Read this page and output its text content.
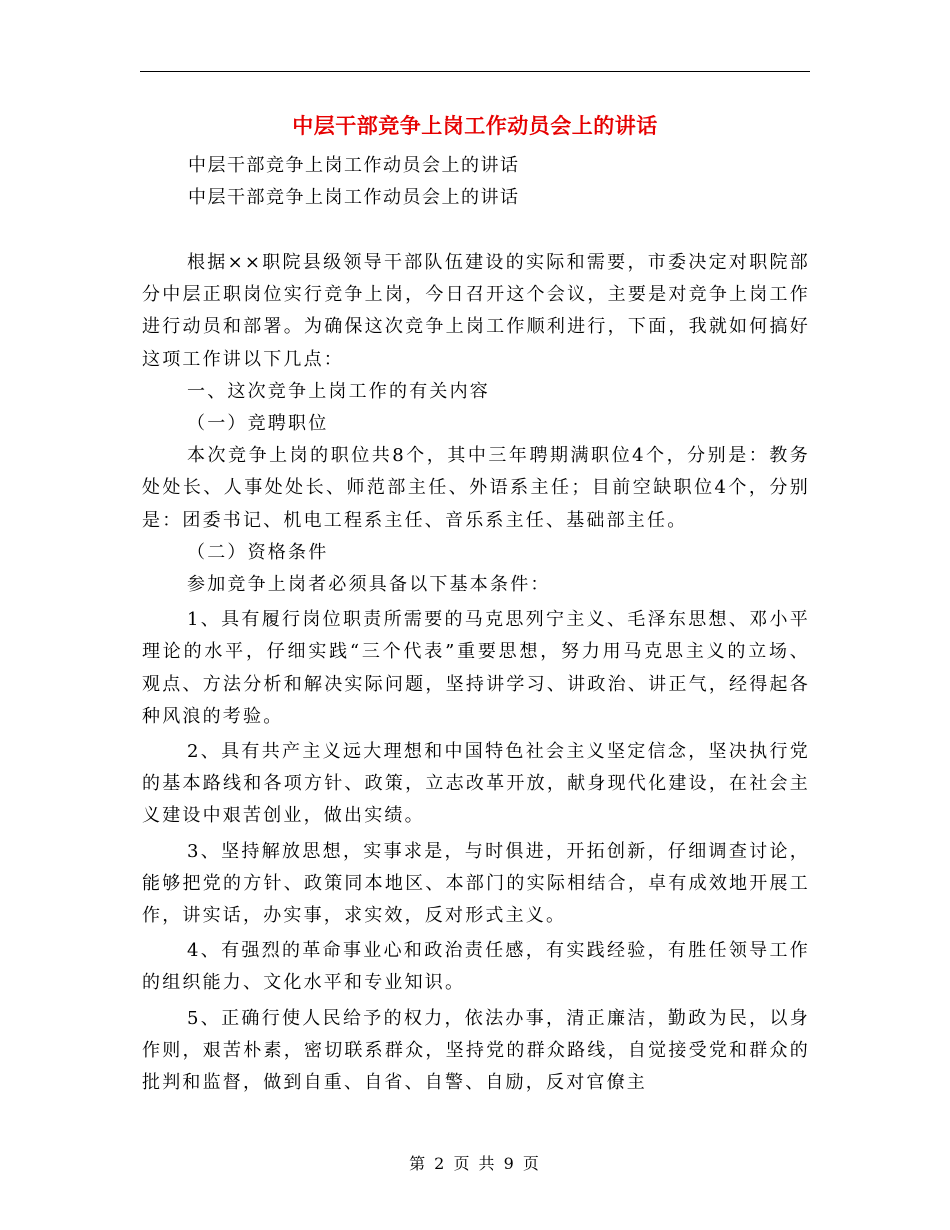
中层干部竞争上岗工作动员会上的讲话
中层干部竞争上岗工作动员会上的讲话
中层干部竞争上岗工作动员会上的讲话

根据××职院县级领导干部队伍建设的实际和需要，市委决定对职院部分中层正职岗位实行竞争上岗，今日召开这个会议，主要是对竞争上岗工作进行动员和部署。为确保这次竞争上岗工作顺利进行，下面，我就如何搞好这项工作讲以下几点：

一、这次竞争上岗工作的有关内容

（一）竞聘职位

本次竞争上岗的职位共8个，其中三年聘期满职位4个，分别是：教务处处长、人事处处长、师范部主任、外语系主任；目前空缺职位4个，分别是：团委书记、机电工程系主任、音乐系主任、基础部主任。

（二）资格条件

参加竞争上岗者必须具备以下基本条件：

1、具有履行岗位职责所需要的马克思列宁主义、毛泽东思想、邓小平理论的水平，仔细实践“三个代表”重要思想，努力用马克思主义的立场、观点、方法分析和解决实际问题，坚持讲学习、讲政治、讲正气，经得起各种风浪的考验。

2、具有共产主义远大理想和中国特色社会主义坚定信念，坚决执行党的基本路线和各项方针、政策，立志改革开放，献身现代化建设，在社会主义建设中艰苦创业，做出实绩。

3、坚持解放思想，实事求是，与时俱进，开拓创新，仔细调查讨论，能够把党的方针、政策同本地区、本部门的实际相结合，卓有成效地开展工作，讲实话，办实事，求实效，反对形式主义。

4、有强烈的革命事业心和政治责任感，有实践经验，有胜任领导工作的组织能力、文化水平和专业知识。

5、正确行使人民给予的权力，依法办事，清正廉洁，勤政为民，以身作则，艰苦朴素，密切联系群众，坚持党的群众路线，自觉接受党和群众的批判和监督，做到自重、自省、自警、自励，反对官僚主

第 2 页 共 9 页
